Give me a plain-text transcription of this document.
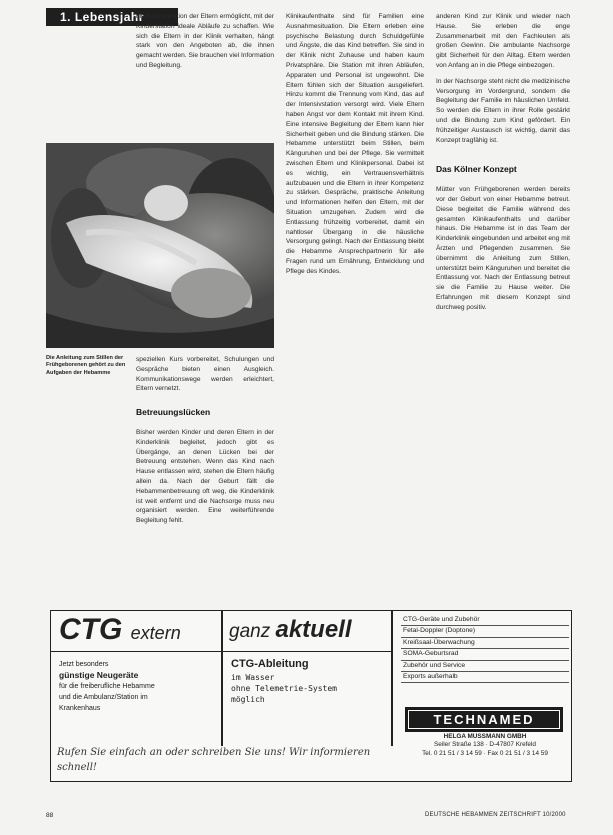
1. Lebensjahr

die Konzentration der Eltern ermöglicht, mit der Kinderstation ideale Abläufe zu schaffen. Wie sich die Eltern in der Klinik verhalten, hängt stark von den Angeboten ab, die ihnen gemacht werden. Sie brauchen viel Information und Begleitung.

Die Anleitung zum Stillen der Frühgeborenen gehört zu den Aufgaben der Hebamme

speziellen Kurs vorbereitet, Schulungen und Gespräche bieten einen Ausgleich. Kommunikationswege werden erleichtert, Eltern vernetzt.

Betreuungslücken

Bisher werden Kinder und deren Eltern in der Kinderklinik begleitet, jedoch gibt es Übergänge, an denen Lücken bei der Betreuung entstehen. Wenn das Kind nach Hause entlassen wird, stehen die Eltern häufig allein da. Nach der Geburt fällt die Hebammenbetreuung oft weg, die Kinderklinik ist weit entfernt und die Nachsorge muss neu organisiert werden. Eine weiterführende Begleitung fehlt.

Klinikaufenthalte sind für Familien eine Ausnahmesituation. Die Eltern erleben eine psychische Belastung durch Schuldgefühle und Ängste, die das Kind betreffen. Sie sind in der Klinik nicht Zuhause und haben kaum Privatsphäre. Die Station mit ihren Abläufen, Apparaten und Personal ist ungewohnt. Die Eltern fühlen sich der Situation ausgeliefert. Hinzu kommt die Trennung vom Kind, das auf der Intensivstation versorgt wird. Viele Eltern haben Angst vor dem Kontakt mit ihrem Kind. Eine intensive Begleitung der Eltern kann hier Sicherheit geben und die Bindung stärken. Die Hebamme unterstützt beim Stillen, beim Känguruhen und bei der Pflege. Sie vermittelt zwischen Eltern und Klinikpersonal. Dabei ist es wichtig, ein Vertrauensverhältnis aufzubauen und die Eltern in ihrer Kompetenz zu stärken. Gespräche, praktische Anleitung und Informationen helfen den Eltern, mit der Situation umzugehen. Zudem wird die Entlassung frühzeitig vorbereitet, damit ein nahtloser Übergang in die häusliche Versorgung gelingt. Nach der Entlassung bleibt die Hebamme Ansprechpartnerin für alle Fragen rund um Ernährung, Entwicklung und Pflege des Kindes.

anderen Kind zur Klinik und wieder nach Hause. Sie erleben die enge Zusammenarbeit mit den Fachleuten als großen Gewinn. Die ambulante Nachsorge gibt Sicherheit für den Alltag. Eltern werden von Anfang an in die Pflege einbezogen.

In der Nachsorge steht nicht die medizinische Versorgung im Vordergrund, sondern die Begleitung der Familie im häuslichen Umfeld. So werden die Eltern in ihrer Rolle gestärkt und die Bindung zum Kind gefördert. Ein frühzeitiger Austausch ist wichtig, damit das Konzept tragfähig ist.

Das Kölner Konzept

Mütter von Frühgeborenen werden bereits vor der Geburt von einer Hebamme betreut. Diese begleitet die Familie während des gesamten Klinikaufenthalts und darüber hinaus. Die Hebamme ist in das Team der Kinderklinik eingebunden und arbeitet eng mit Ärzten und Pflegenden zusammen. Sie übernimmt die Anleitung zum Stillen, unterstützt beim Känguruhen und bereitet die Entlassung vor. Nach der Entlassung betreut sie die Familie zu Hause weiter. Die Erfahrungen mit diesem Konzept sind durchweg positiv.

CTG extern	ganz aktuell
Jetzt besonders
günstige Neugeräte
für die freiberufliche Hebamme
und die Ambulanz/Station im
Krankenhaus
CTG-Ableitung
im Wasser
ohne Telemetrie-System
möglich
CTG-Geräte und Zubehör
Fetal-Doppler (Doptone)
Kreißsaal-Überwachung
SOMA-Geburtsrad
Zubehör und Service
Exports außerhalb
TECHNAMED
HELGA MUSSMANN GMBH
Seiler Straße 138 · D-47807 Krefeld
Tel. 0 21 51 / 3 14 59 · Fax 0 21 51 / 3 14 59
Rufen Sie einfach an oder schreiben Sie uns! Wir informieren schnell!
88	DEUTSCHE HEBAMMEN ZEITSCHRIFT 10/2000
